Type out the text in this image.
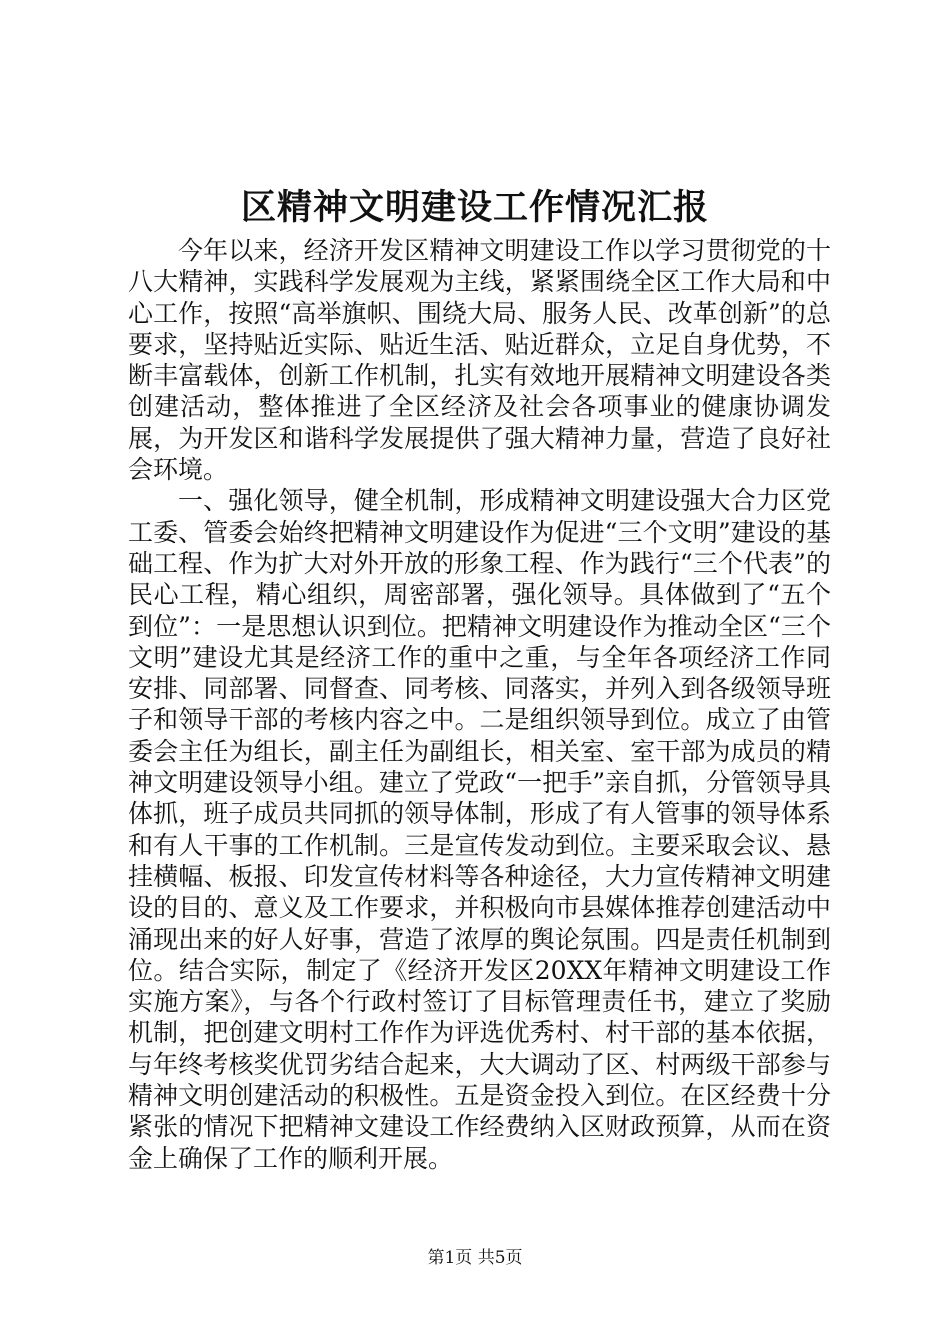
区精神文明建设工作情况汇报

今年以来，经济开发区精神文明建设工作以学习贯彻党的十八大精神，实践科学发展观为主线，紧紧围绕全区工作大局和中心工作，按照“高举旗帜、围绕大局、服务人民、改革创新”的总要求，坚持贴近实际、贴近生活、贴近群众，立足自身优势，不断丰富载体，创新工作机制，扎实有效地开展精神文明建设各类创建活动，整体推进了全区经济及社会各项事业的健康协调发展，为开发区和谐科学发展提供了强大精神力量，营造了良好社会环境。

一、强化领导，健全机制，形成精神文明建设强大合力区党工委、管委会始终把精神文明建设作为促进“三个文明”建设的基础工程、作为扩大对外开放的形象工程、作为践行“三个代表”的民心工程，精心组织，周密部署，强化领导。具体做到了“五个到位”：一是思想认识到位。把精神文明建设作为推动全区“三个文明”建设尤其是经济工作的重中之重，与全年各项经济工作同安排、同部署、同督查、同考核、同落实，并列入到各级领导班子和领导干部的考核内容之中。二是组织领导到位。成立了由管委会主任为组长，副主任为副组长，相关室、室干部为成员的精神文明建设领导小组。建立了党政“一把手”亲自抓，分管领导具体抓，班子成员共同抓的领导体制，形成了有人管事的领导体系和有人干事的工作机制。三是宣传发动到位。主要采取会议、悬挂横幅、板报、印发宣传材料等各种途径，大力宣传精神文明建设的目的、意义及工作要求，并积极向市县媒体推荐创建活动中涌现出来的好人好事，营造了浓厚的舆论氛围。四是责任机制到位。结合实际，制定了《经济开发区20XX年精神文明建设工作实施方案》，与各个行政村签订了目标管理责任书，建立了奖励机制，把创建文明村工作作为评选优秀村、村干部的基本依据，与年终考核奖优罚劣结合起来，大大调动了区、村两级干部参与精神文明创建活动的积极性。五是资金投入到位。在区经费十分紧张的情况下把精神文建设工作经费纳入区财政预算，从而在资金上确保了工作的顺利开展。

第1页 共5页
